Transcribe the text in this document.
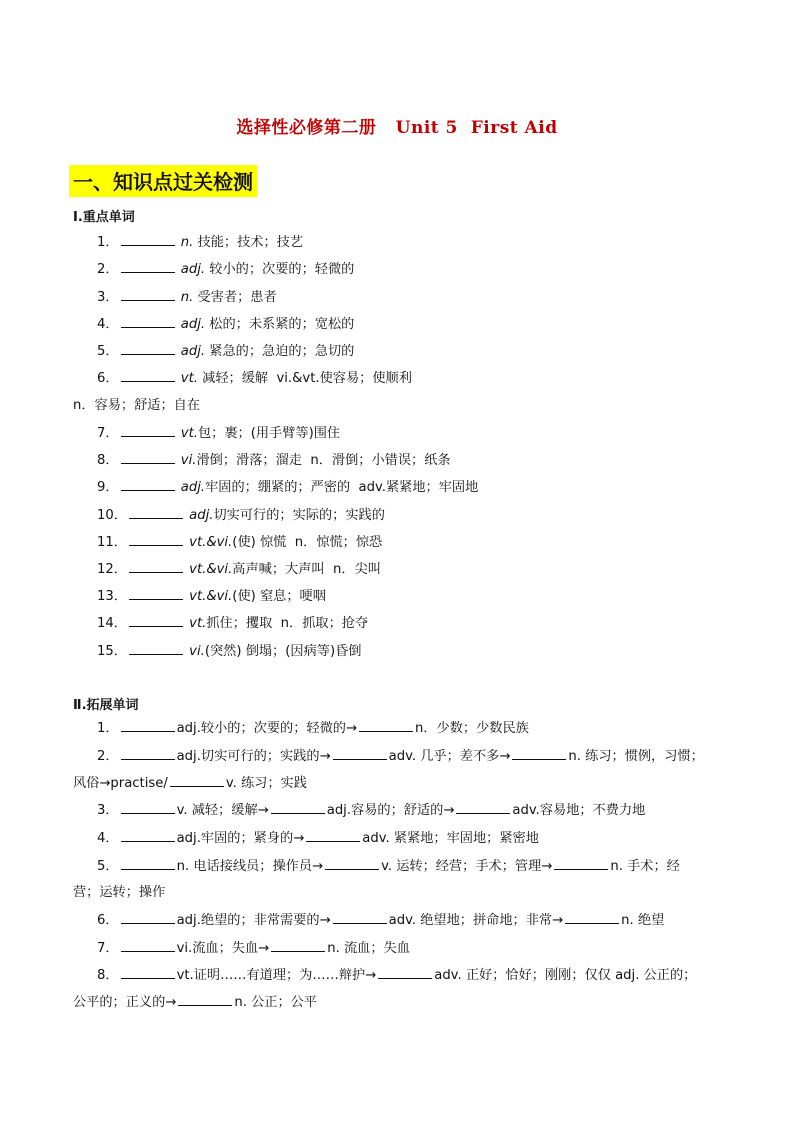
选择性必修第二册   Unit 5  First Aid
一、知识点过关检测
Ⅰ.重点单词
1．	n. 技能；技术；技艺
2．	adj. 较小的；次要的；轻微的
3．	n. 受害者；患者
4．	adj. 松的；未系紧的；宽松的
5．	adj. 紧急的；急迫的；急切的
6．	vt. 减轻；缓解  vi.&vt.使容易；使顺利
n．容易；舒适；自在
7．	vt.包；裹；(用手臂等)围住
8．	vi.滑倒；滑落；溜走  n．滑倒；小错误；纸条
9．	adj.牢固的；绷紧的；严密的  adv.紧紧地；牢固地
10．	adj.切实可行的；实际的；实践的
11．	vt.&vi.(使) 惊慌  n．惊慌；惊恐
12．	vt.&vi.高声喊；大声叫  n．尖叫
13．	vt.&vi.(使) 窒息；哽咽
14．	vt.抓住；攫取  n．抓取；抢夺
15．	vi.(突然) 倒塌；(因病等)昏倒
Ⅱ.拓展单词
1．	adj.较小的；次要的；轻微的→	n．少数；少数民族
2．	adj.切实可行的；实践的→	adv. 几乎；差不多→	n. 练习；惯例，习惯；
风俗→practise/	v. 练习；实践
3．	v. 减轻；缓解→	adj.容易的；舒适的→	adv.容易地；不费力地
4．	adj.牢固的；紧身的→	adv. 紧紧地；牢固地；紧密地
5．	n. 电话接线员；操作员→	v. 运转；经营；手术；管理→	n. 手术；经
营；运转；操作
6．	adj.绝望的；非常需要的→	adv. 绝望地；拼命地；非常→	n. 绝望
7．	vi.流血；失血→	n. 流血；失血
8．	vt.证明……有道理；为……辩护→	adv. 正好；恰好；刚刚；仅仅 adj. 公正的；
公平的；正义的→	n. 公正；公平
